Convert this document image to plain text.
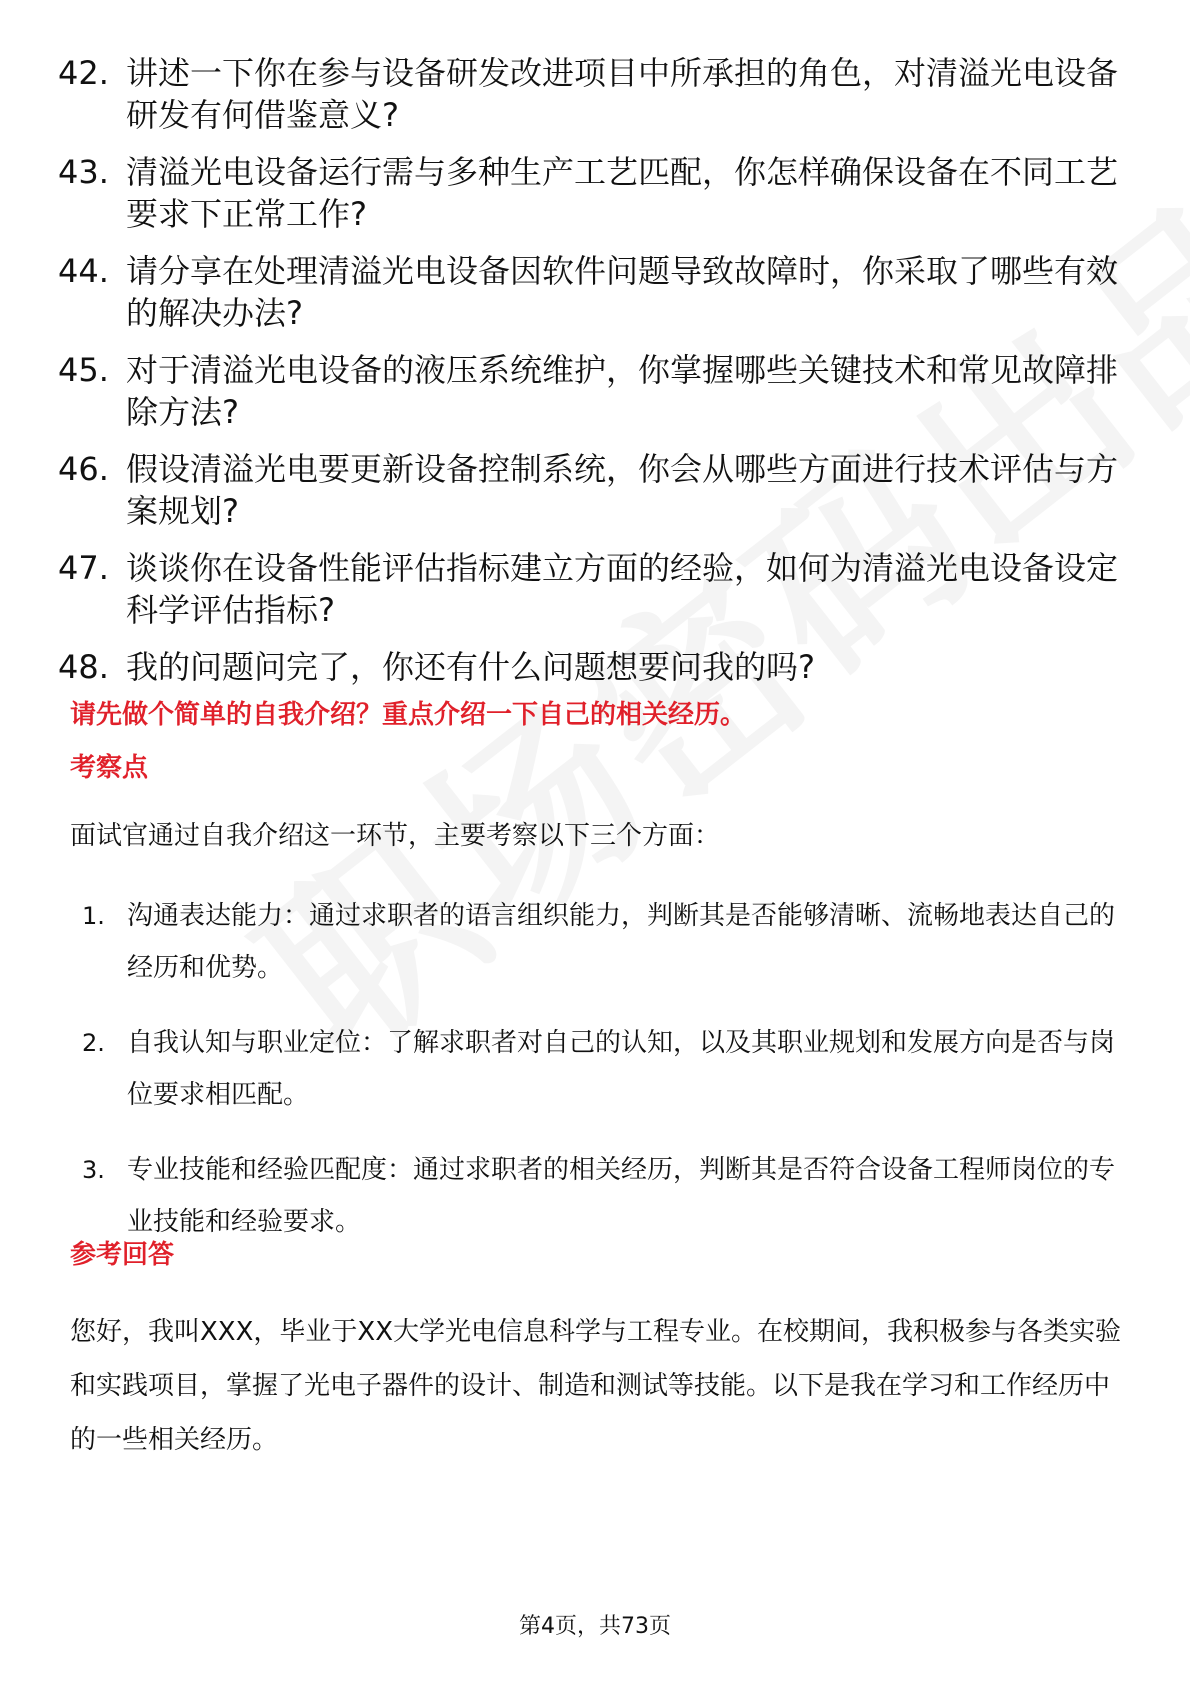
42. 讲述一下你在参与设备研发改进项目中所承担的角色，对清溢光电设备研发有何借鉴意义?
43. 清溢光电设备运行需与多种生产工艺匹配，你怎样确保设备在不同工艺要求下正常工作?
44. 请分享在处理清溢光电设备因软件问题导致故障时，你采取了哪些有效的解决办法?
45. 对于清溢光电设备的液压系统维护，你掌握哪些关键技术和常见故障排除方法?
46. 假设清溢光电要更新设备控制系统，你会从哪些方面进行技术评估与方案规划?
47. 谈谈你在设备性能评估指标建立方面的经验，如何为清溢光电设备设定科学评估指标?
48. 我的问题问完了，你还有什么问题想要问我的吗?
请先做个简单的自我介绍？重点介绍一下自己的相关经历。
考察点

面试官通过自我介绍这一环节，主要考察以下三个方面：

1. 沟通表达能力：通过求职者的语言组织能力，判断其是否能够清晰、流畅地表达自己的经历和优势。
2. 自我认知与职业定位：了解求职者对自己的认知，以及其职业规划和发展方向是否与岗位要求相匹配。
3. 专业技能和经验匹配度：通过求职者的相关经历，判断其是否符合设备工程师岗位的专业技能和经验要求。
参考回答

您好，我叫XXX，毕业于XX大学光电信息科学与工程专业。在校期间，我积极参与各类实验和实践项目，掌握了光电子器件的设计、制造和测试等技能。以下是我在学习和工作经历中的一些相关经历。

第4页，共73页
